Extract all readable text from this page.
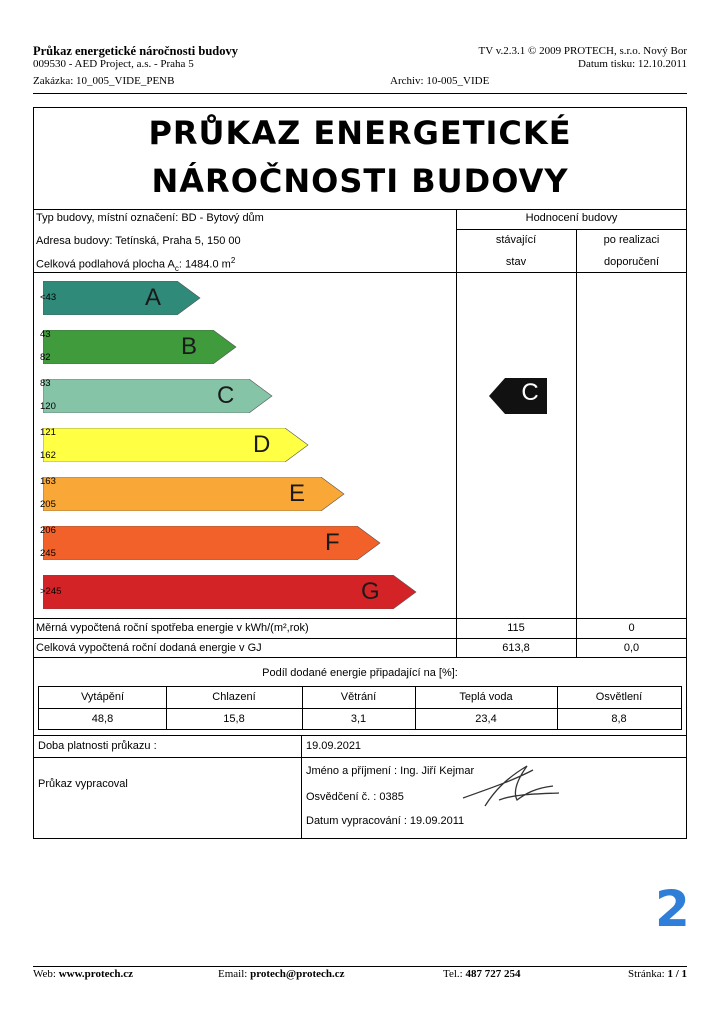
Průkaz energetické náročnosti budovy
009530 - AED Project, a.s. - Praha 5
Zakázka: 10_005_VIDE_PENB
TV v.2.3.1 © 2009 PROTECH, s.r.o. Nový Bor
Datum tisku: 12.10.2011
Archiv: 10-005_VIDE
PRŮKAZ ENERGETICKÉ
NÁROČNOSTI BUDOVY
Typ budovy, místní označení: BD - Bytový dům
Adresa budovy: Tetínská, Praha 5, 150 00
Celková podlahová plocha $A_c$: 1484.0 $m^2$
Hodnocení budovy
stávající
stav
po realizaci
doporučení
A
<43
B
43
82
C
83
120
D
121
162
E
163
205
F
206
245
G
>245
C
Měrná vypočtená roční spotřeba energie v kWh/(m²,rok)	115	0
Celková vypočtená roční dodaná energie v GJ	613,8	0,0
Podíl dodané energie připadající na [%]:
Vytápění	Chlazení	Větrání	Teplá voda	Osvětlení
48,8	15,8	3,1	23,4	8,8
Doba platnosti průkazu :	19.09.2021
Průkaz vypracoval
Jméno a příjmení : Ing. Jiří Kejmar
Osvědčení č. : 0385
Datum vypracování : 19.09.2011
2
Web: www.protech.cz	Email: protech@protech.cz	Tel.: 487 727 254	Stránka: 1 / 1
